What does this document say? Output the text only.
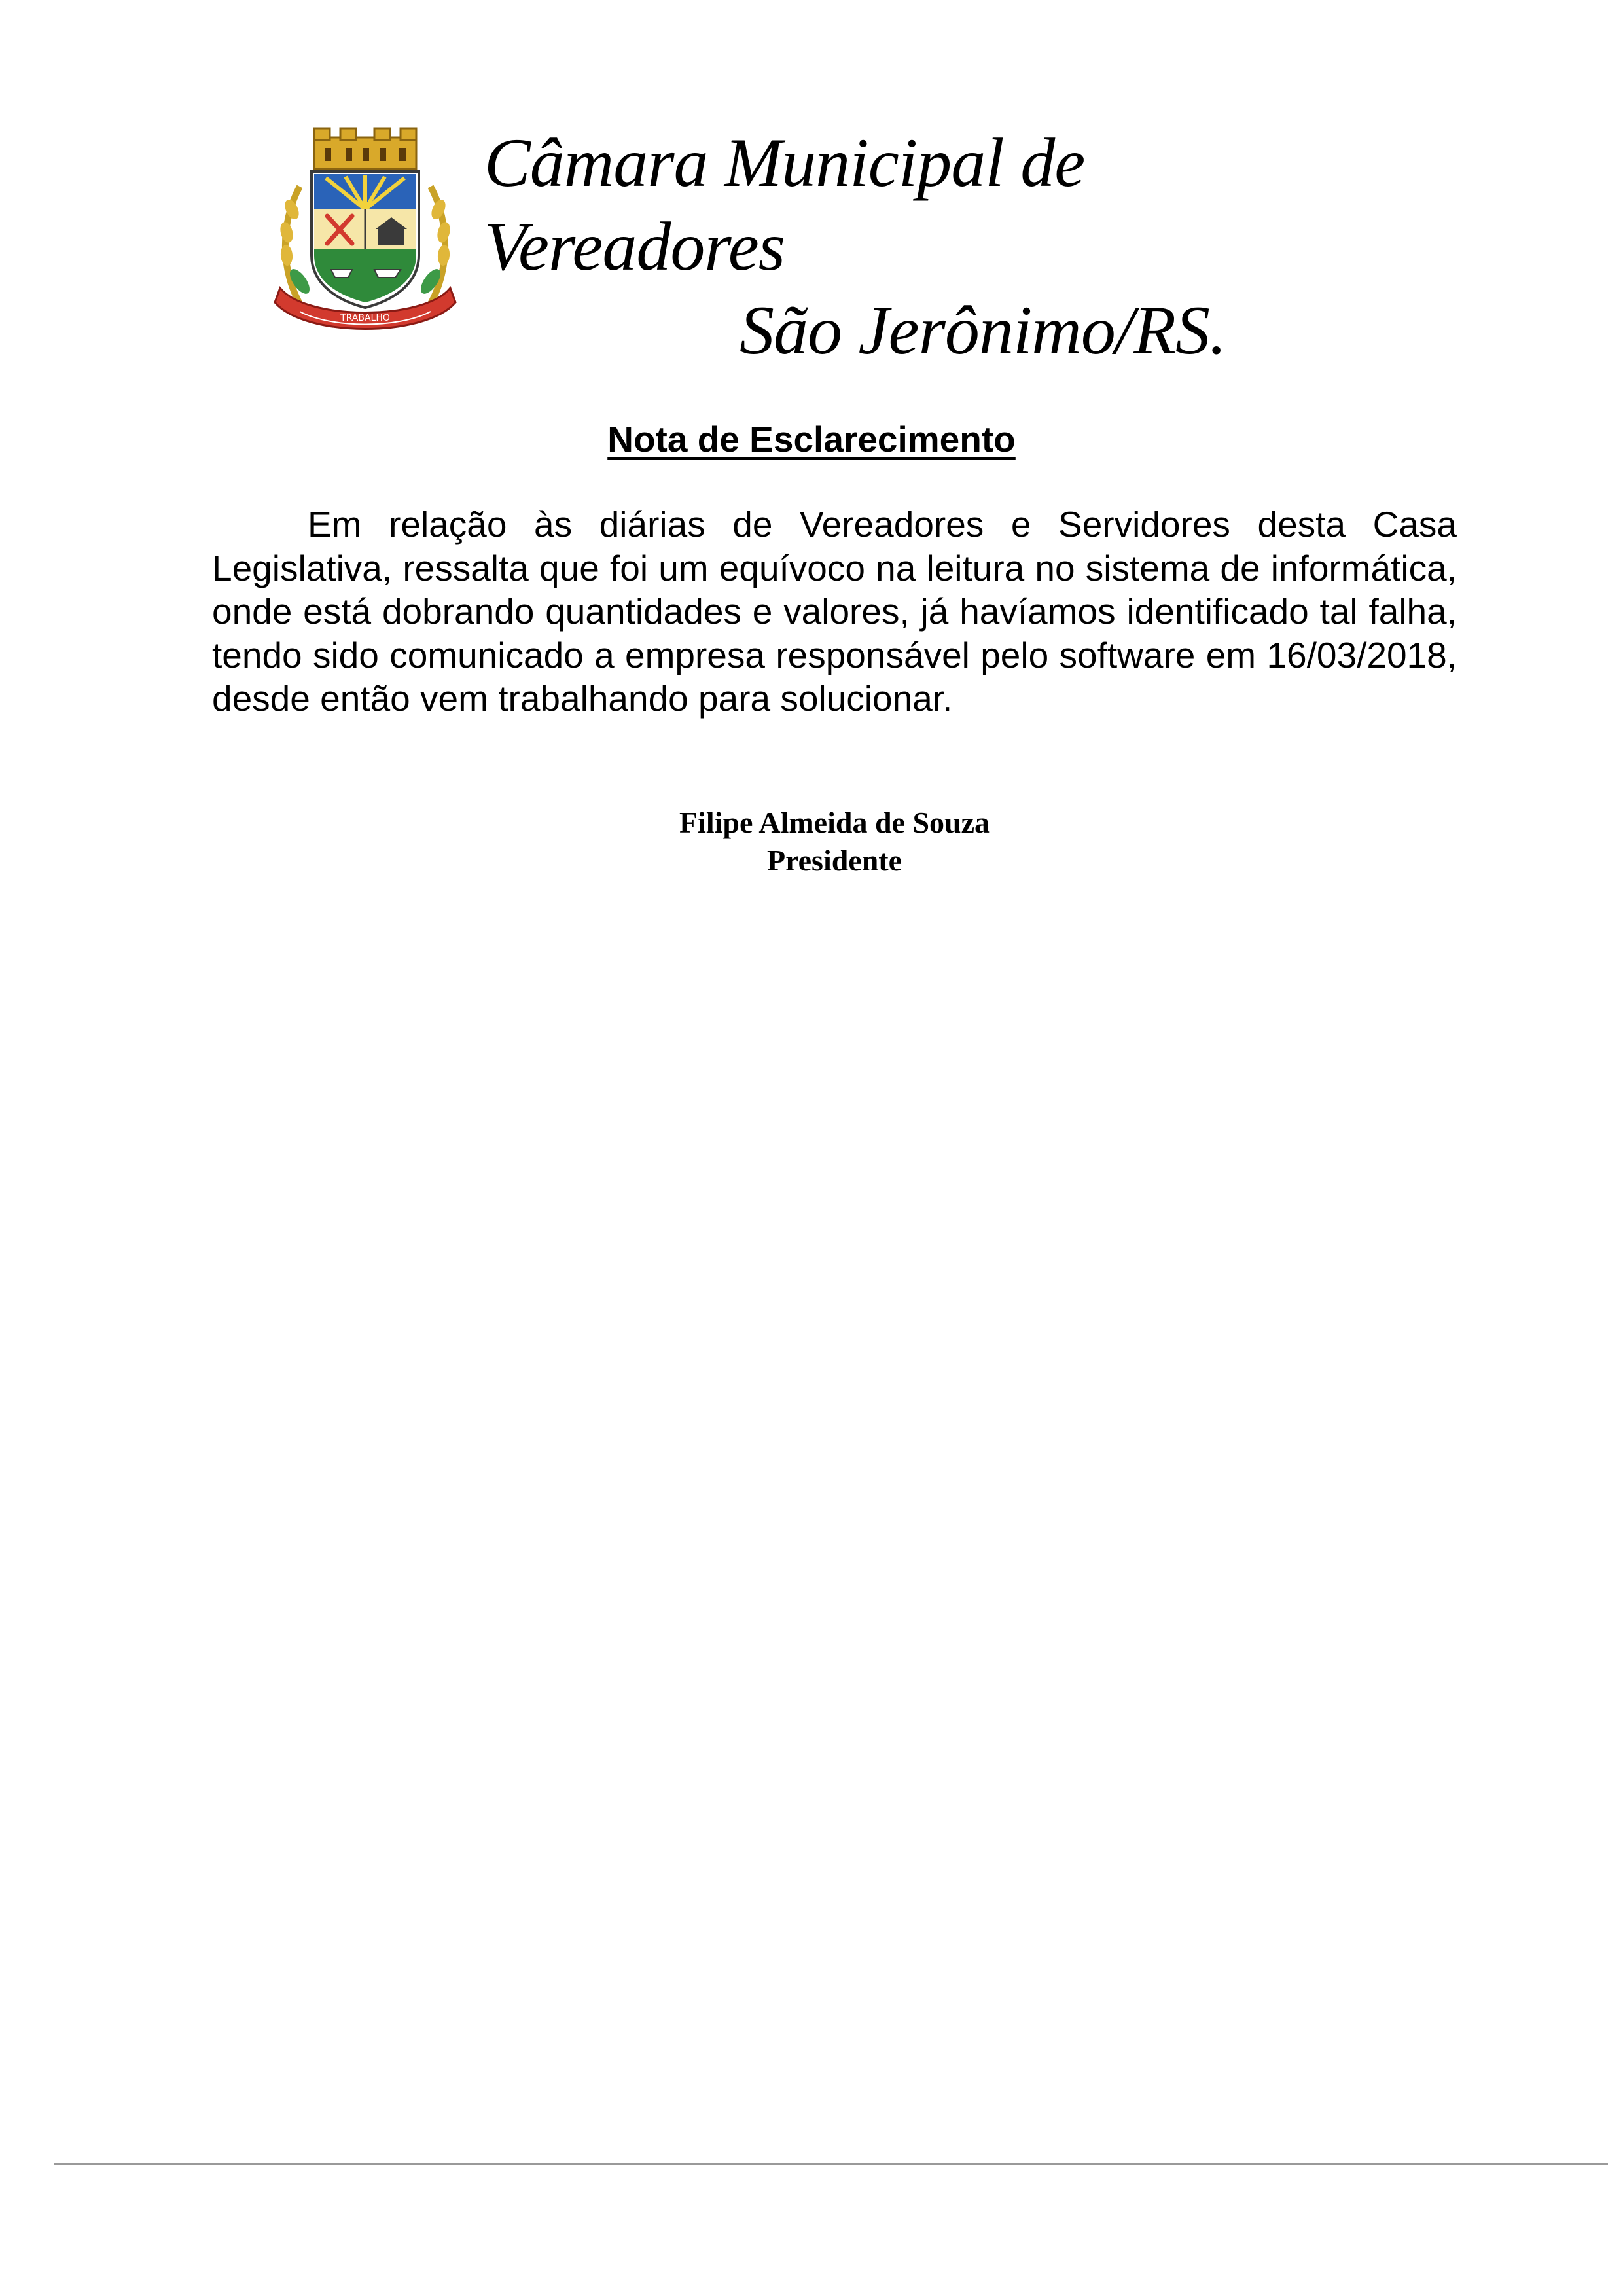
TRABALHO
Câmara Municipal de Vereadores
São Jerônimo/RS.
Nota de Esclarecimento

Em relação às diárias de Vereadores e Servidores desta Casa Legislativa, ressalta que foi um equívoco na leitura no sistema de informática, onde está dobrando quantidades e valores, já havíamos identificado tal falha, tendo sido comunicado a empresa responsável pelo software em 16/03/2018, desde então vem trabalhando para solucionar.

Filipe Almeida de Souza
Presidente
